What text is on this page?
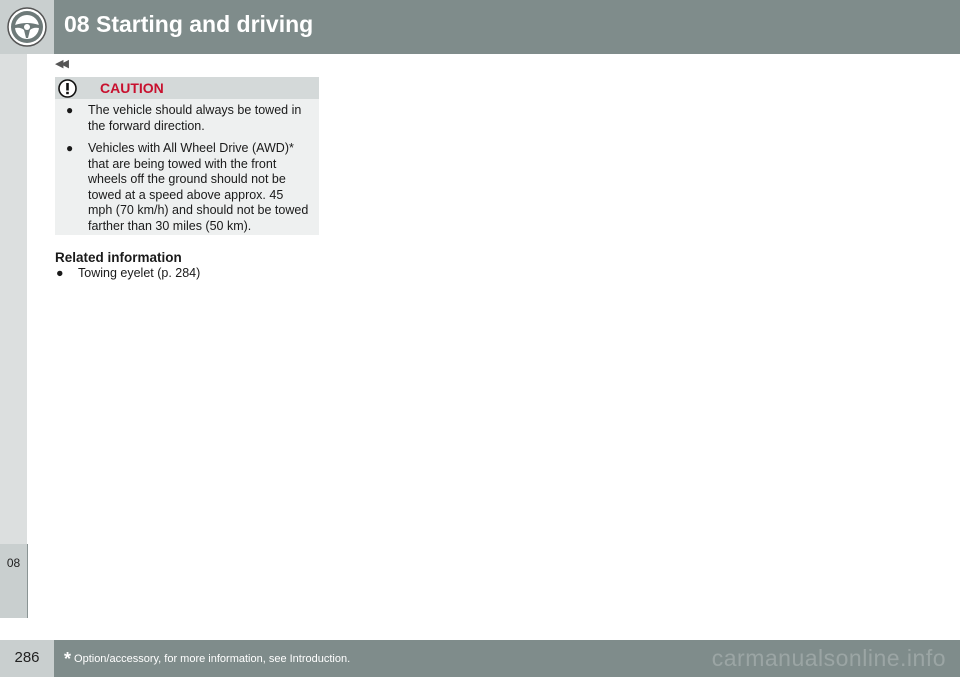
08 Starting and driving
◀◀
08
CAUTION
● The vehicle should always be towed in the forward direction.
● Vehicles with All Wheel Drive (AWD)* that are being towed with the front wheels off the ground should not be towed at a speed above approx. 45 mph (70 km/h) and should not be towed farther than 30 miles (50 km).
Related information
● Towing eyelet (p. 284)
286	* Option/accessory, for more information, see Introduction.	carmanualsonline.info
